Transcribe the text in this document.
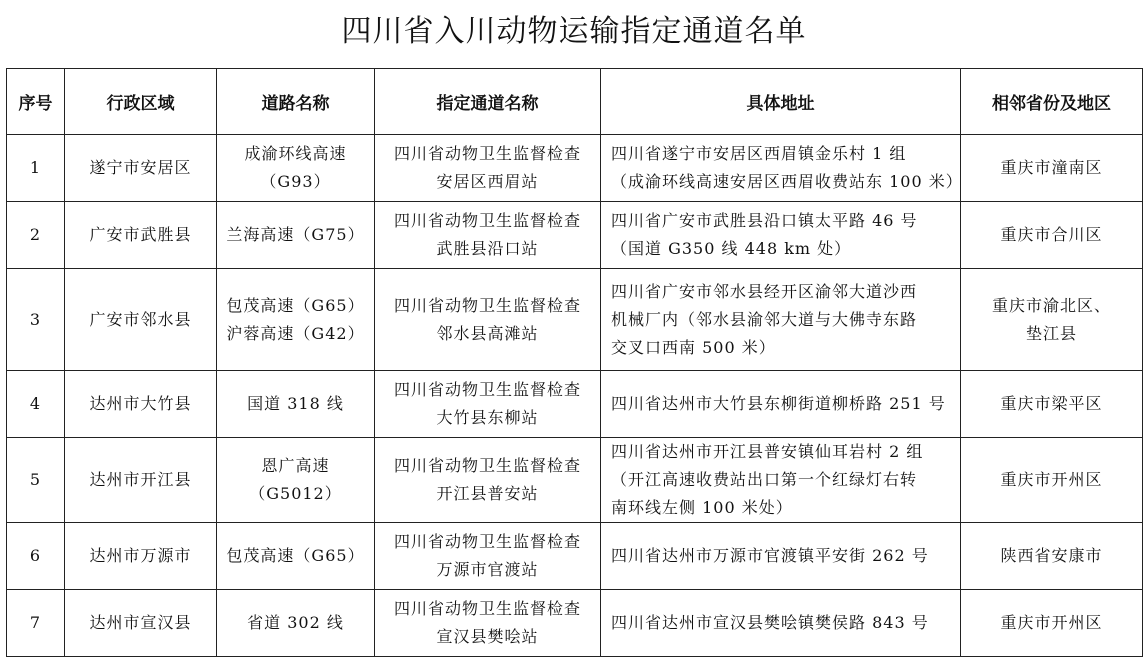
四川省入川动物运输指定通道名单
序号	行政区域	道路名称	指定通道名称	具体地址	相邻省份及地区
1	遂宁市安居区	成渝环线高速
（G93）	四川省动物卫生监督检查
安居区西眉站	四川省遂宁市安居区西眉镇金乐村 1 组
（成渝环线高速安居区西眉收费站东 100 米）	重庆市潼南区

2	广安市武胜县	兰海高速（G75）	四川省动物卫生监督检查
武胜县沿口站	四川省广安市武胜县沿口镇太平路 46 号
（国道 G350 线 448 km 处）	重庆市合川区

3	广安市邻水县	包茂高速（G65）
沪蓉高速（G42）	四川省动物卫生监督检查
邻水县高滩站	四川省广安市邻水县经开区渝邻大道沙西
机械厂内（邻水县渝邻大道与大佛寺东路
交叉口西南 500 米）	重庆市渝北区、
垫江县

4	达州市大竹县	国道 318 线	四川省动物卫生监督检查
大竹县东柳站	四川省达州市大竹县东柳街道柳桥路 251 号	重庆市梁平区

5	达州市开江县	恩广高速
（G5012）	四川省动物卫生监督检查
开江县普安站	四川省达州市开江县普安镇仙耳岩村 2 组
（开江高速收费站出口第一个红绿灯右转
南环线左侧 100 米处）	重庆市开州区

6	达州市万源市	包茂高速（G65）	四川省动物卫生监督检查
万源市官渡站	四川省达州市万源市官渡镇平安街 262 号	陕西省安康市

7	达州市宣汉县	省道 302 线	四川省动物卫生监督检查
宣汉县樊哙站	四川省达州市宣汉县樊哙镇樊侯路 843 号	重庆市开州区
